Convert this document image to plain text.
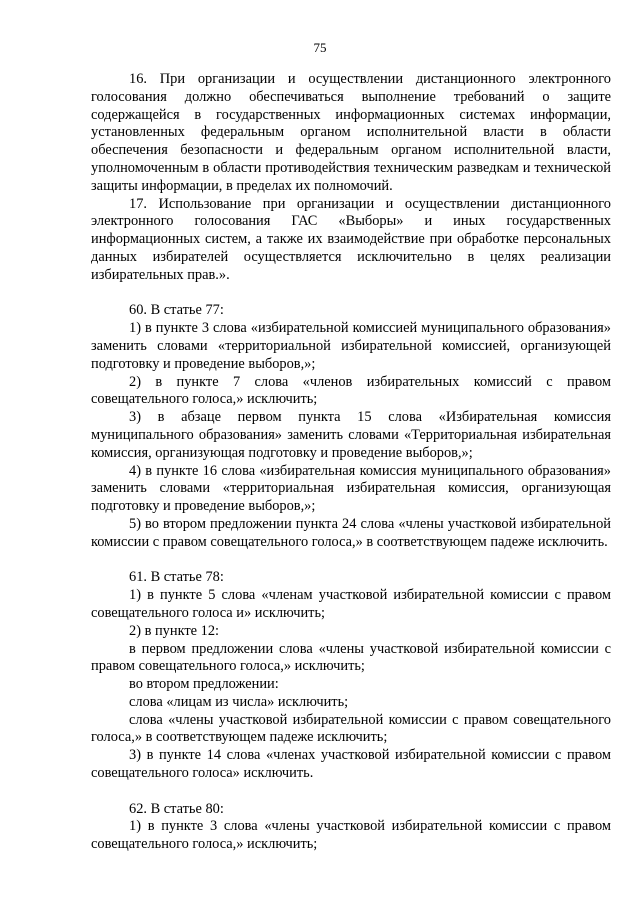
75

16. При организации и осуществлении дистанционного электронного голосования должно обеспечиваться выполнение требований о защите содержащейся в государственных информационных системах информации, установленных федеральным органом исполнительной власти в области обеспечения безопасности и федеральным органом исполнительной власти, уполномоченным в области противодействия техническим разведкам и технической защиты информации, в пределах их полномочий.

17. Использование при организации и осуществлении дистанционного электронного голосования ГАС «Выборы» и иных государственных информационных систем, а также их взаимодействие при обработке персональных данных избирателей осуществляется исключительно в целях реализации избирательных прав.».

60. В статье 77:

1) в пункте 3 слова «избирательной комиссией муниципального образования» заменить словами «территориальной избирательной комиссией, организующей подготовку и проведение выборов,»;

2) в пункте 7 слова «членов избирательных комиссий с правом совещательного голоса,» исключить;

3) в абзаце первом пункта 15 слова «Избирательная комиссия муниципального образования» заменить словами «Территориальная избирательная комиссия, организующая подготовку и проведение выборов,»;

4) в пункте 16 слова «избирательная комиссия муниципального образования» заменить словами «территориальная избирательная комиссия, организующая подготовку и проведение выборов,»;

5) во втором предложении пункта 24 слова «члены участковой избирательной комиссии с правом совещательного голоса,» в соответствующем падеже исключить.

61. В статье 78:

1) в пункте 5 слова «членам участковой избирательной комиссии с правом совещательного голоса и» исключить;

2) в пункте 12:

в первом предложении слова «члены участковой избирательной комиссии с правом совещательного голоса,» исключить;

во втором предложении:

слова «лицам из числа» исключить;

слова «члены участковой избирательной комиссии с правом совещательного голоса,» в соответствующем падеже исключить;

3) в пункте 14 слова «членах участковой избирательной комиссии с правом совещательного голоса» исключить.

62. В статье 80:

1) в пункте 3 слова «члены участковой избирательной комиссии с правом совещательного голоса,» исключить;
